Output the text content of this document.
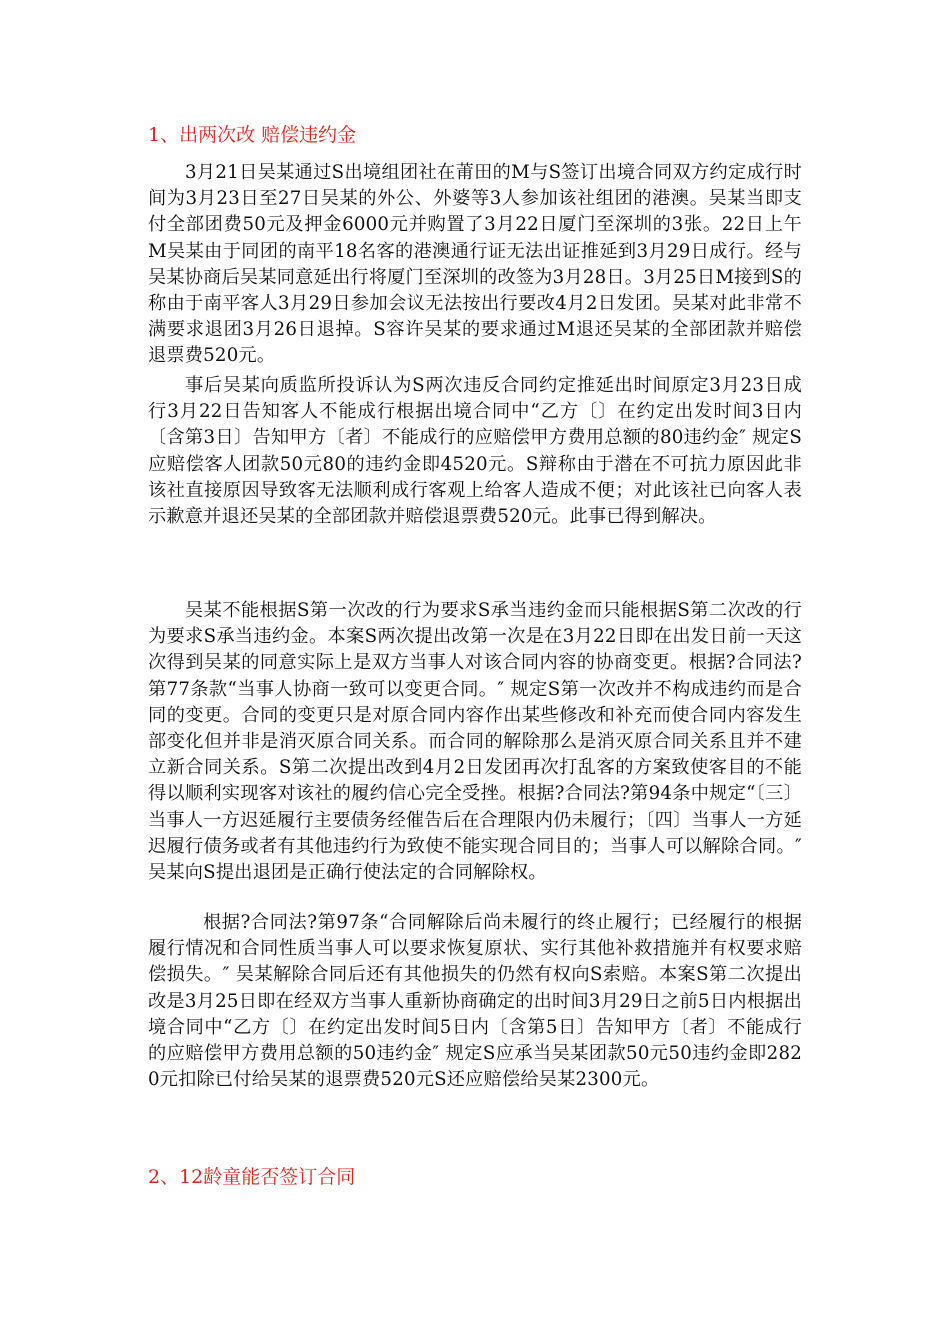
1、出两次改 赔偿违约金
3月21日吴某通过S出境组团社在莆田的M与S签订出境合同双方约定成行时间为3月23日至27日吴某的外公、外婆等3人参加该社组团的港澳。吴某当即支付全部团费50元及押金6000元并购置了3月22日厦门至深圳的3张。22日上午M吴某由于同团的南平18名客的港澳通行证无法出证推延到3月29日成行。经与吴某协商后吴某同意延出行将厦门至深圳的改签为3月28日。3月25日M接到S的称由于南平客人3月29日参加会议无法按出行要改4月2日发团。吴某对此非常不满要求退团3月26日退掉。S容许吴某的要求通过M退还吴某的全部团款并赔偿退票费520元。
事后吴某向质监所投诉认为S两次违反合同约定推延出时间原定3月23日成行3月22日告知客人不能成行根据出境合同中“乙方〔〕在约定出发时间3日内〔含第3日〕告知甲方〔者〕不能成行的应赔偿甲方费用总额的80违约金″ 规定S应赔偿客人团款50元80的违约金即4520元。S辩称由于潜在不可抗力原因此非该社直接原因导致客无法顺利成行客观上给客人造成不便；对此该社已向客人表示歉意并退还吴某的全部团款并赔偿退票费520元。此事已得到解决。
吴某不能根据S第一次改的行为要求S承当违约金而只能根据S第二次改的行为要求S承当违约金。本案S两次提出改第一次是在3月22日即在出发日前一天这次得到吴某的同意实际上是双方当事人对该合同内容的协商变更。根据?合同法?第77条款“当事人协商一致可以变更合同。″ 规定S第一次改并不构成违约而是合同的变更。合同的变更只是对原合同内容作出某些修改和补充而使合同内容发生部变化但并非是消灭原合同关系。而合同的解除那么是消灭原合同关系且并不建立新合同关系。S第二次提出改到4月2日发团再次打乱客的方案致使客目的不能得以顺利实现客对该社的履约信心完全受挫。根据?合同法?第94条中规定“〔三〕当事人一方迟延履行主要债务经催告后在合理限内仍未履行；〔四〕当事人一方延迟履行债务或者有其他违约行为致使不能实现合同目的；当事人可以解除合同。″ 吴某向S提出退团是正确行使法定的合同解除权。
根据?合同法?第97条“合同解除后尚未履行的终止履行；已经履行的根据履行情况和合同性质当事人可以要求恢复原状、实行其他补救措施并有权要求赔偿损失。″ 吴某解除合同后还有其他损失的仍然有权向S索赔。本案S第二次提出改是3月25日即在经双方当事人重新协商确定的出时间3月29日之前5日内根据出境合同中“乙方〔〕在约定出发时间5日内〔含第5日〕告知甲方〔者〕不能成行的应赔偿甲方费用总额的50违约金″ 规定S应承当吴某团款50元50违约金即2820元扣除已付给吴某的退票费520元S还应赔偿给吴某2300元。
2、12龄童能否签订合同
